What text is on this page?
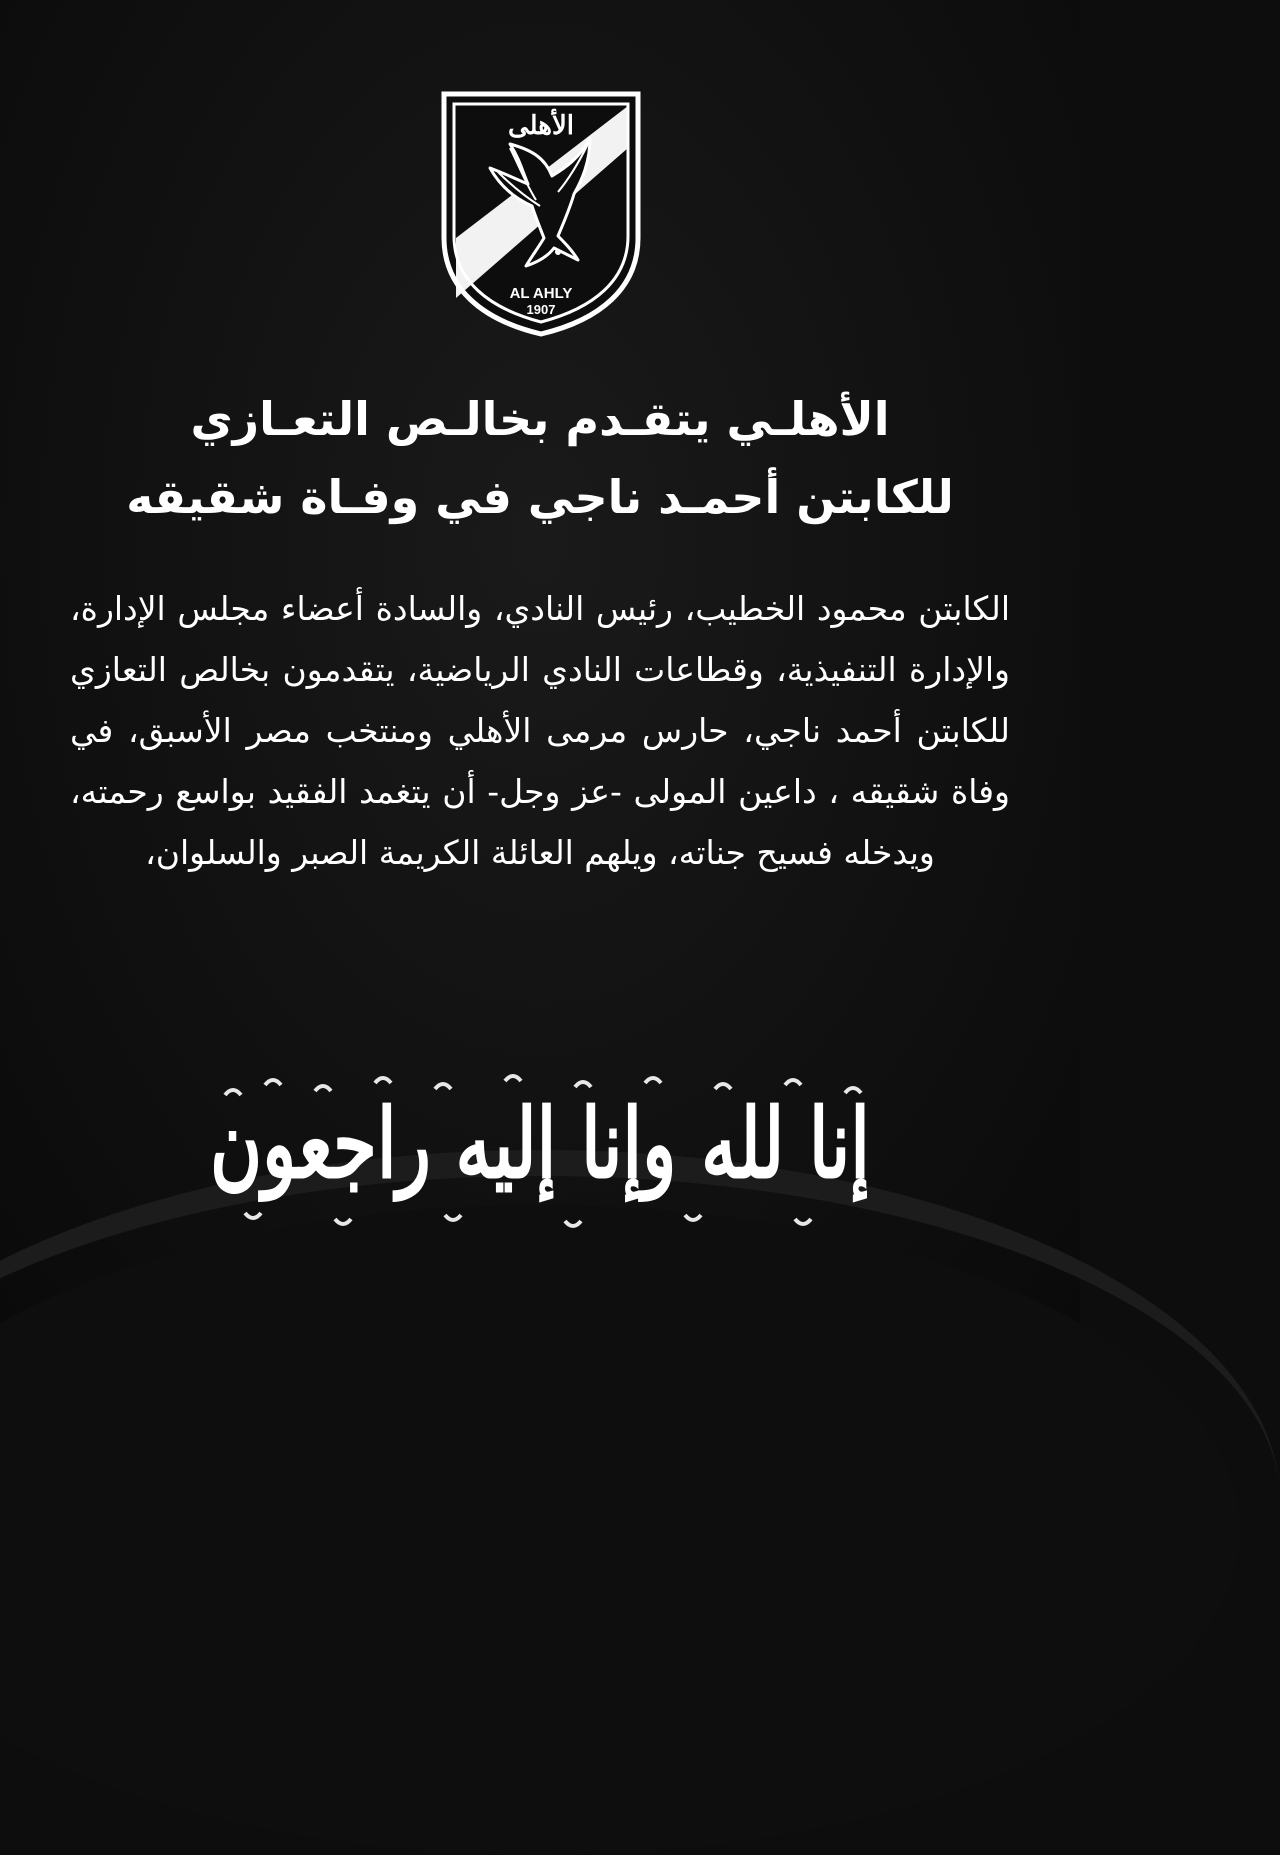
الأهلى
AL AHLY
1907
الأهلـي يتقـدم بخالـص التعـازي
للكابتن أحمـد ناجي في وفـاة شقيقه
الكابتن محمود الخطيب، رئيس النادي، والسادة أعضاء مجلس الإدارة، والإدارة التنفيذية، وقطاعات النادي الرياضية، يتقدمون بخالص التعازي للكابتن أحمد ناجي، حارس مرمى الأهلي ومنتخب مصر الأسبق، في وفاة شقيقه ، داعين المولى -عز وجل- أن يتغمد الفقيد بواسع رحمته، ويدخله فسيح جناته، ويلهم العائلة الكريمة الصبر والسلوان،
إنا لله وإنا إليه راجعون
